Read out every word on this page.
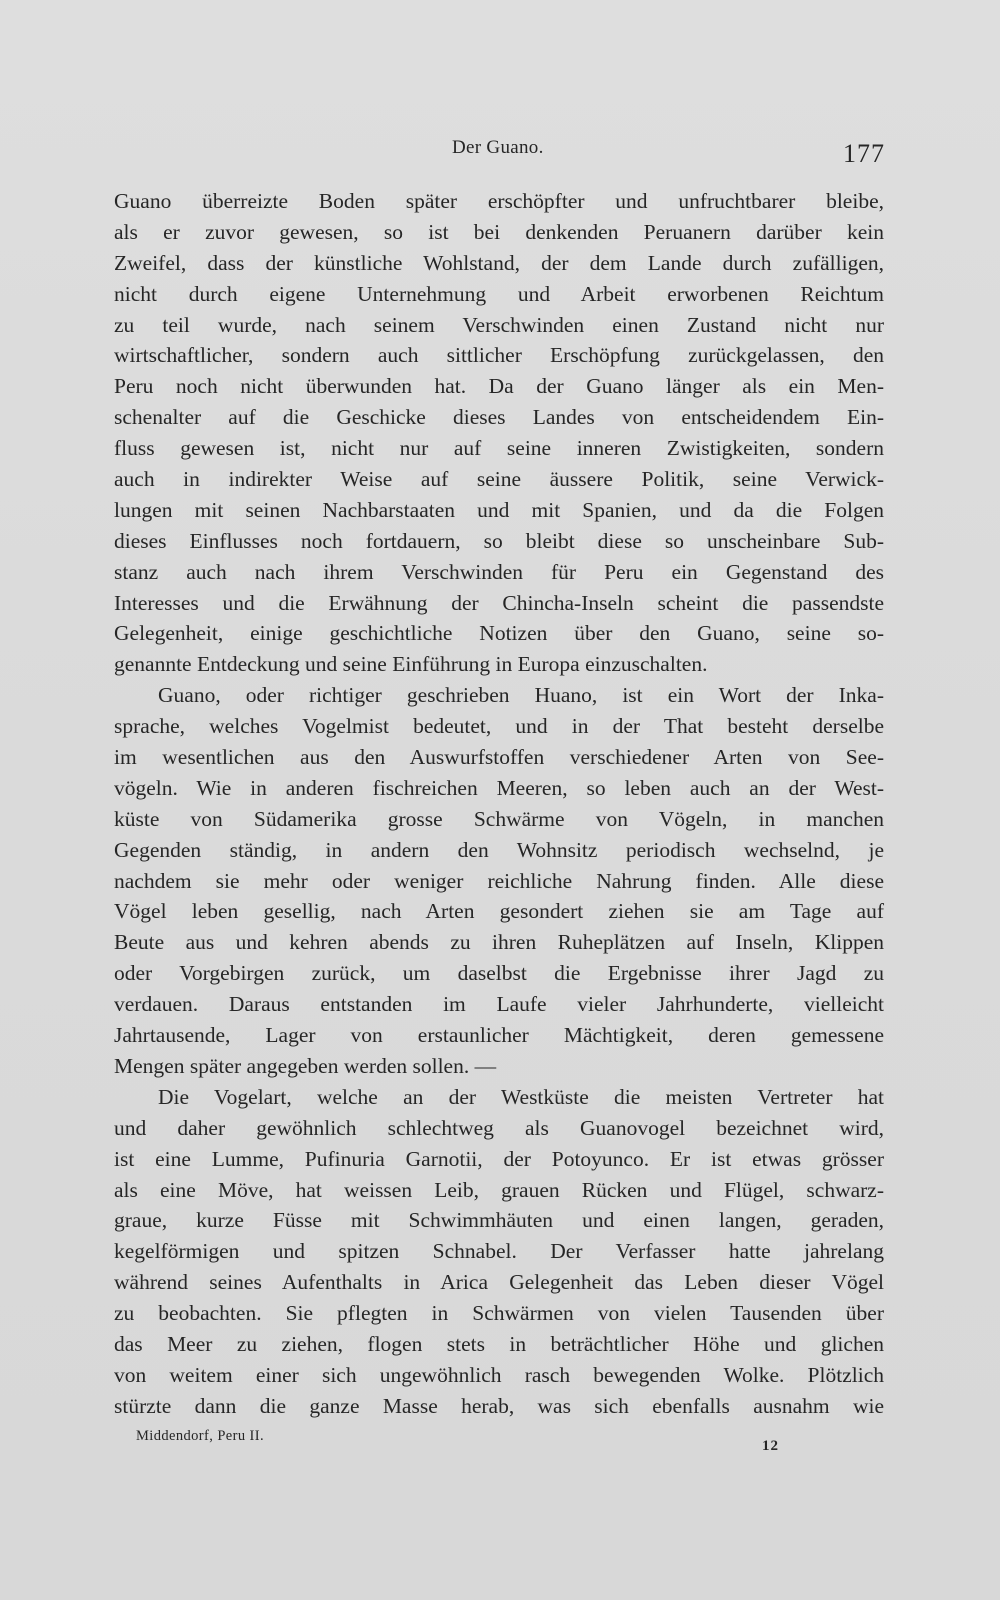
Der Guano.	177
Guano überreizte Boden später erschöpfter und unfruchtbarer bleibe,
als er zuvor gewesen, so ist bei denkenden Peruanern darüber kein
Zweifel, dass der künstliche Wohlstand, der dem Lande durch zufälligen,
nicht durch eigene Unternehmung und Arbeit erworbenen Reichtum
zu teil wurde, nach seinem Verschwinden einen Zustand nicht nur
wirtschaftlicher, sondern auch sittlicher Erschöpfung zurückgelassen, den
Peru noch nicht überwunden hat. Da der Guano länger als ein Men-
schenalter auf die Geschicke dieses Landes von entscheidendem Ein-
fluss gewesen ist, nicht nur auf seine inneren Zwistigkeiten, sondern
auch in indirekter Weise auf seine äussere Politik, seine Verwick-
lungen mit seinen Nachbarstaaten und mit Spanien, und da die Folgen
dieses Einflusses noch fortdauern, so bleibt diese so unscheinbare Sub-
stanz auch nach ihrem Verschwinden für Peru ein Gegenstand des
Interesses und die Erwähnung der Chincha-Inseln scheint die passendste
Gelegenheit, einige geschichtliche Notizen über den Guano, seine so-
genannte Entdeckung und seine Einführung in Europa einzuschalten.
Guano, oder richtiger geschrieben Huano, ist ein Wort der Inka-
sprache, welches Vogelmist bedeutet, und in der That besteht derselbe
im wesentlichen aus den Auswurfstoffen verschiedener Arten von See-
vögeln. Wie in anderen fischreichen Meeren, so leben auch an der West-
küste von Südamerika grosse Schwärme von Vögeln, in manchen
Gegenden ständig, in andern den Wohnsitz periodisch wechselnd, je
nachdem sie mehr oder weniger reichliche Nahrung finden. Alle diese
Vögel leben gesellig, nach Arten gesondert ziehen sie am Tage auf
Beute aus und kehren abends zu ihren Ruheplätzen auf Inseln, Klippen
oder Vorgebirgen zurück, um daselbst die Ergebnisse ihrer Jagd zu
verdauen. Daraus entstanden im Laufe vieler Jahrhunderte, vielleicht
Jahrtausende, Lager von erstaunlicher Mächtigkeit, deren gemessene
Mengen später angegeben werden sollen. —
Die Vogelart, welche an der Westküste die meisten Vertreter hat
und daher gewöhnlich schlechtweg als Guanovogel bezeichnet wird,
ist eine Lumme, Pufinuria Garnotii, der Potoyunco. Er ist etwas grösser
als eine Möve, hat weissen Leib, grauen Rücken und Flügel, schwarz-
graue, kurze Füsse mit Schwimmhäuten und einen langen, geraden,
kegelförmigen und spitzen Schnabel. Der Verfasser hatte jahrelang
während seines Aufenthalts in Arica Gelegenheit das Leben dieser Vögel
zu beobachten. Sie pflegten in Schwärmen von vielen Tausenden über
das Meer zu ziehen, flogen stets in beträchtlicher Höhe und glichen
von weitem einer sich ungewöhnlich rasch bewegenden Wolke. Plötzlich
stürzte dann die ganze Masse herab, was sich ebenfalls ausnahm wie
Middendorf, Peru II.
12
